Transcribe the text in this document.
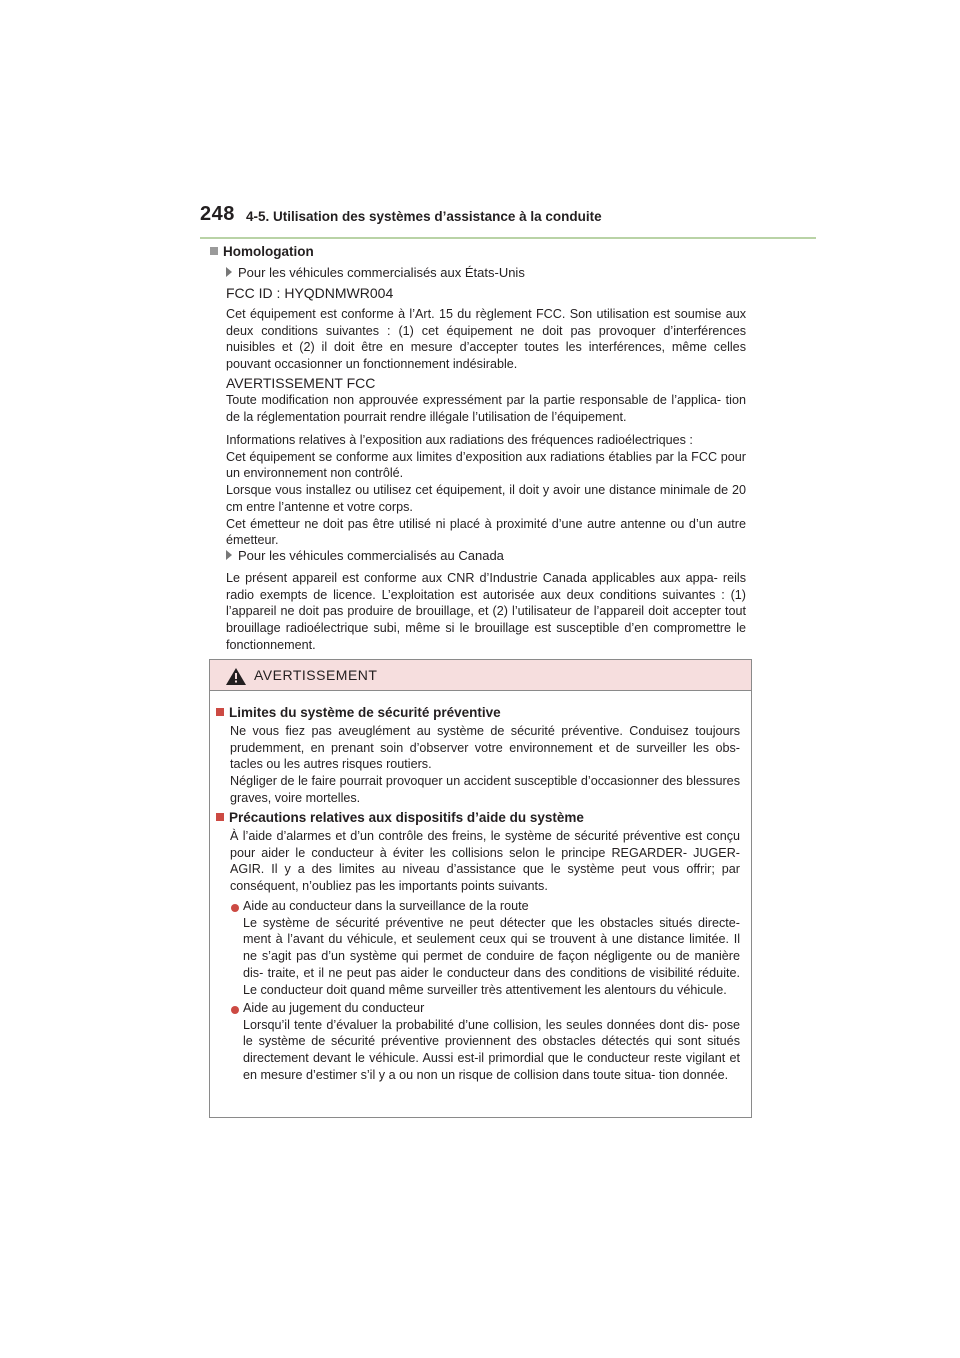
248 4-5. Utilisation des systèmes d’assistance à la conduite
Homologation
Pour les véhicules commercialisés aux États-Unis
FCC ID : HYQDNMWR004
Cet équipement est conforme à l’Art. 15 du règlement FCC. Son utilisation est soumise aux deux conditions suivantes : (1) cet équipement ne doit pas provoquer d’interférences nuisibles et (2) il doit être en mesure d’accepter toutes les interférences, même celles pouvant occasionner un fonctionnement indésirable.
AVERTISSEMENT FCC
Toute modification non approuvée expressément par la partie responsable de l’applica- tion de la réglementation pourrait rendre illégale l’utilisation de l’équipement.
Informations relatives à l’exposition aux radiations des fréquences radioélectriques :
Cet équipement se conforme aux limites d’exposition aux radiations établies par la FCC pour un environnement non contrôlé.
Lorsque vous installez ou utilisez cet équipement, il doit y avoir une distance minimale de 20 cm entre l’antenne et votre corps.
Cet émetteur ne doit pas être utilisé ni placé à proximité d’une autre antenne ou d’un autre émetteur.
Pour les véhicules commercialisés au Canada
Le présent appareil est conforme aux CNR d’Industrie Canada applicables aux appa- reils radio exempts de licence. L’exploitation est autorisée aux deux conditions suivantes : (1) l’appareil ne doit pas produire de brouillage, et (2) l’utilisateur de l’appareil doit accepter tout brouillage radioélectrique subi, même si le brouillage est susceptible d’en compromettre le fonctionnement.
AVERTISSEMENT
Limites du système de sécurité préventive
Ne vous fiez pas aveuglément au système de sécurité préventive. Conduisez toujours prudemment, en prenant soin d’observer votre environnement et de surveiller les obs- tacles ou les autres risques routiers.
Négliger de le faire pourrait provoquer un accident susceptible d’occasionner des blessures graves, voire mortelles.
Précautions relatives aux dispositifs d’aide du système
À l’aide d’alarmes et d’un contrôle des freins, le système de sécurité préventive est conçu pour aider le conducteur à éviter les collisions selon le principe REGARDER- JUGER-AGIR. Il y a des limites au niveau d’assistance que le système peut vous offrir; par conséquent, n’oubliez pas les importants points suivants.
Aide au conducteur dans la surveillance de la route
Le système de sécurité préventive ne peut détecter que les obstacles situés directe- ment à l’avant du véhicule, et seulement ceux qui se trouvent à une distance limitée. Il ne s’agit pas d’un système qui permet de conduire de façon négligente ou de manière dis- traite, et il ne peut pas aider le conducteur dans des conditions de visibilité réduite. Le conducteur doit quand même surveiller très attentivement les alentours du véhicule.
Aide au jugement du conducteur
Lorsqu’il tente d’évaluer la probabilité d’une collision, les seules données dont dis- pose le système de sécurité préventive proviennent des obstacles détectés qui sont situés directement devant le véhicule. Aussi est-il primordial que le conducteur reste vigilant et en mesure d’estimer s’il y a ou non un risque de collision dans toute situa- tion donnée.
